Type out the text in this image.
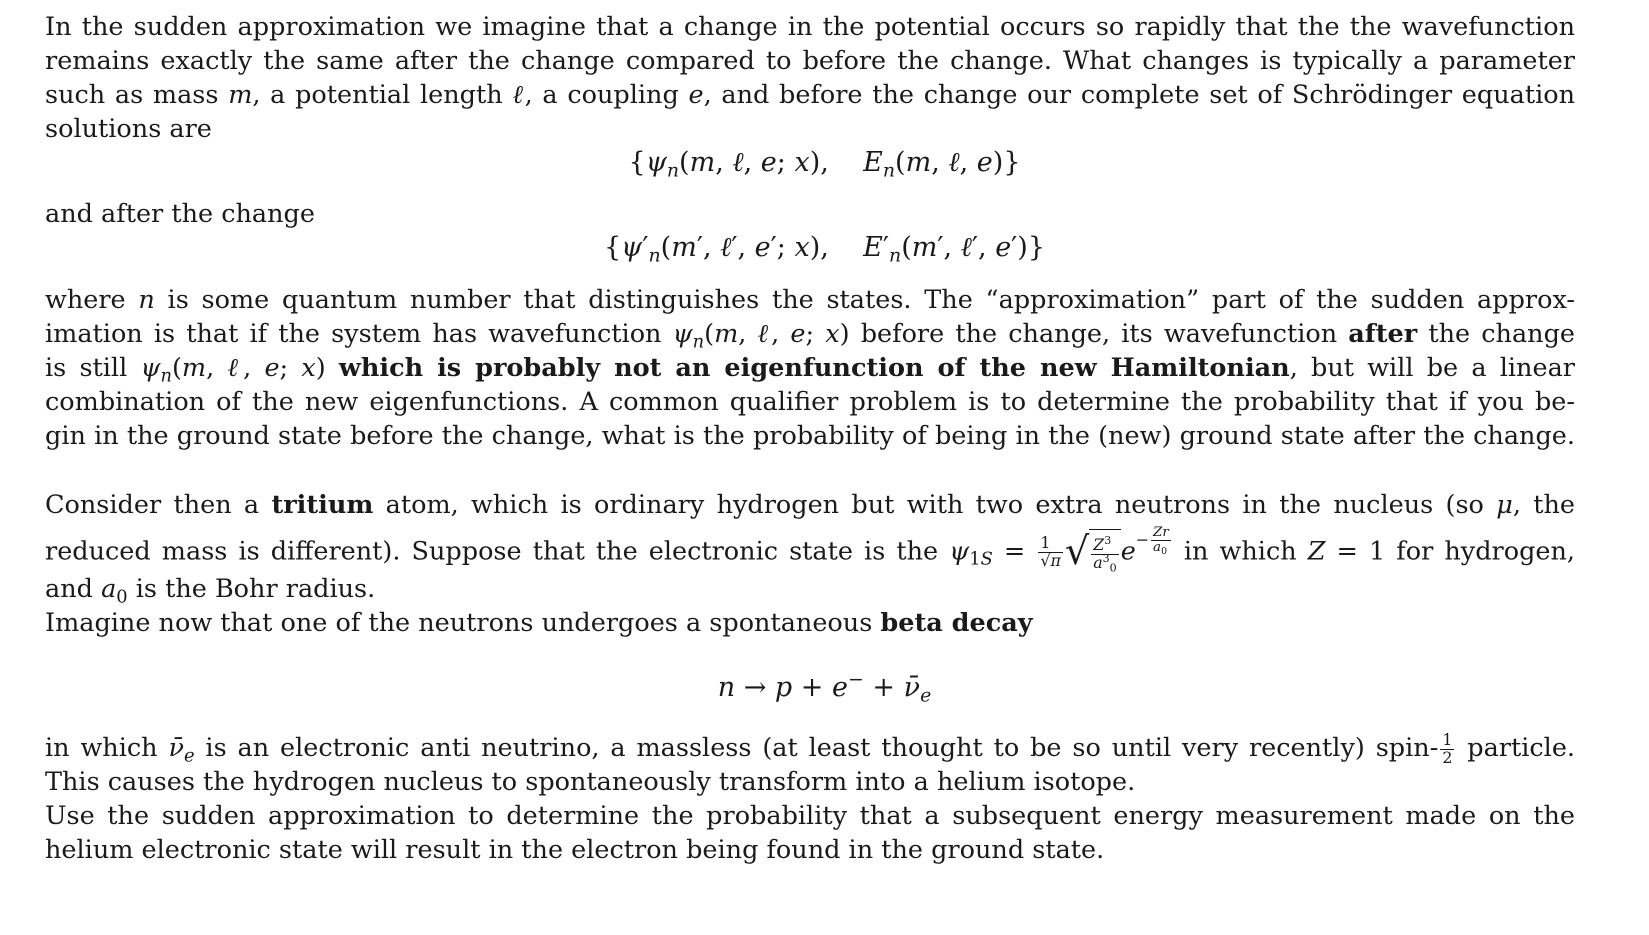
In the sudden approximation we imagine that a change in the potential occurs so rapidly that the the wavefunction
remains exactly the same after the change compared to before the change. What changes is typically a parameter
such as mass m, a potential length ℓ, a coupling e, and before the change our complete set of Schrödinger equation
solutions are
{$\psi_n(m$, ℓ, e; x),    $E_n(m$, ℓ, e)}
and after the change
{$\psi'_n(m'$, ℓ′, e′; x),    $E'_n(m'$, ℓ′, e′)}
where n is some quantum number that distinguishes the states. The “approximation” part of the sudden approx-
imation is that if the system has wavefunction $\psi_n(m$, ℓ, e; x) before the change, its wavefunction after the change
is still $\psi_n(m$, ℓ, e; x) which is probably not an eigenfunction of the new Hamiltonian, but will be a linear
combination of the new eigenfunctions. A common qualifier problem is to determine the probability that if you be-
gin in the ground state before the change, what is the probability of being in the (new) ground state after the change.
Consider then a tritium atom, which is ordinary hydrogen but with two extra neutrons in the nucleus (so μ, the
reduced mass is different). Suppose that the electronic state is the $\psi_{1S} = \frac{1}{√\pi}$ √ $\frac{Z^3}{a^3_0} e^{- \frac{Zr}{a_0}}$ in which Z = 1 for hydrogen,
and $a_0$ is the Bohr radius.
Imagine now that one of the neutrons undergoes a spontaneous beta decay
$n \to p + e^- + \nū_e$
in which $\nū_e$ is an electronic anti neutrino, a massless (at least thought to be so until very recently) spin- $\frac{1}{2}$ particle.
This causes the hydrogen nucleus to spontaneously transform into a helium isotope.
Use the sudden approximation to determine the probability that a subsequent energy measurement made on the
helium electronic state will result in the electron being found in the ground state.
